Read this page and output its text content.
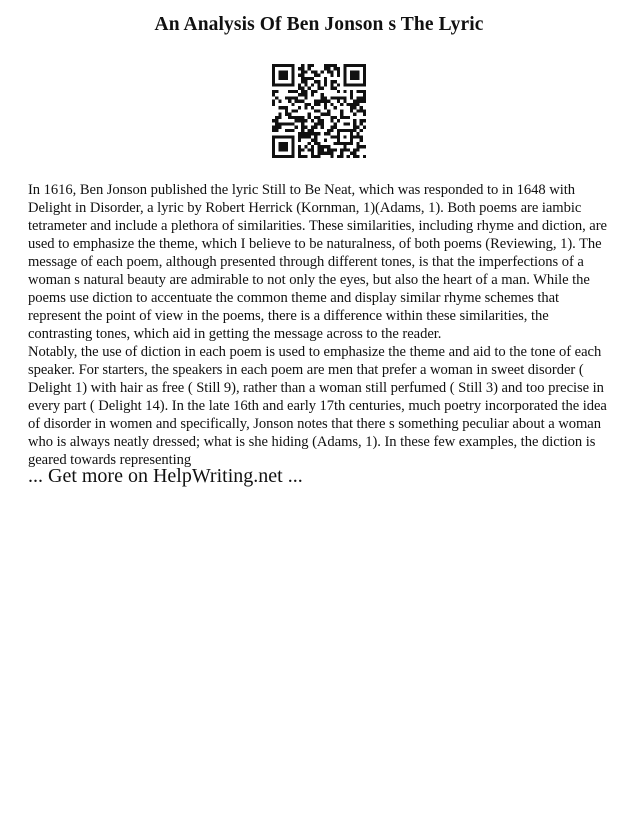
An Analysis Of Ben Jonson s The Lyric

In 1616, Ben Jonson published the lyric Still to Be Neat, which was responded to in 1648 with Delight in Disorder, a lyric by Robert Herrick (Kornman, 1)(Adams, 1). Both poems are iambic tetrameter and include a plethora of similarities. These similarities, including rhyme and diction, are used to emphasize the theme, which I believe to be naturalness, of both poems (Reviewing, 1). The message of each poem, although presented through different tones, is that the imperfections of a woman s natural beauty are admirable to not only the eyes, but also the heart of a man. While the poems use diction to accentuate the common theme and display similar rhyme schemes that represent the point of view in the poems, there is a difference within these similarities, the contrasting tones, which aid in getting the message across to the reader.

Notably, the use of diction in each poem is used to emphasize the theme and aid to the tone of each speaker. For starters, the speakers in each poem are men that prefer a woman in sweet disorder ( Delight 1) with hair as free ( Still 9), rather than a woman still perfumed ( Still 3) and too precise in every part ( Delight 14). In the late 16th and early 17th centuries, much poetry incorporated the idea of disorder in women and specifically, Jonson notes that there s something peculiar about a woman who is always neatly dressed; what is she hiding (Adams, 1). In these few examples, the diction is geared towards representing

... Get more on HelpWriting.net ...
